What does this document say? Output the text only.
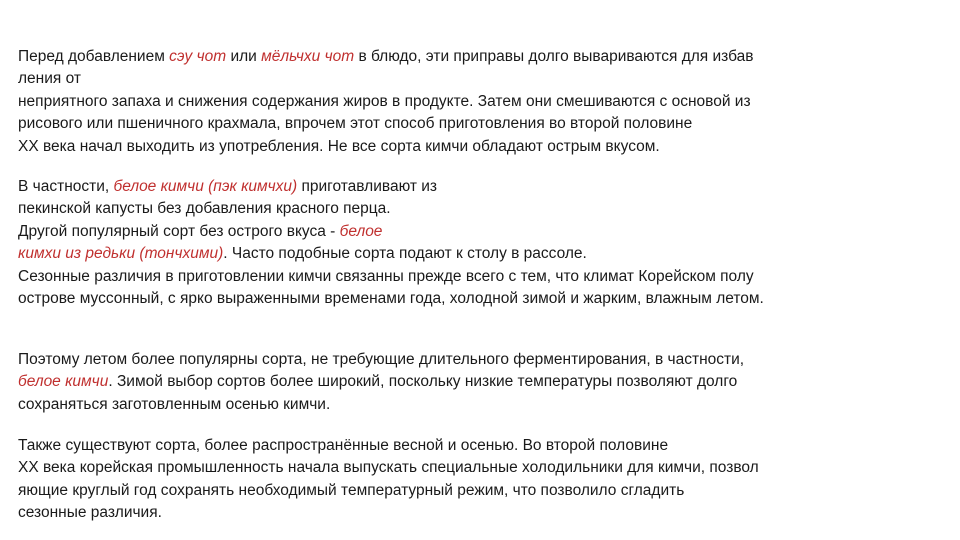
Перед добавлением сэу чот или мёльчхи чот в блюдо, эти приправы долго вывариваются для избав
ления от
неприятного запаха и снижения содержания жиров в продукте. Затем они смешиваются с основой из
рисового или пшеничного крахмала, впрочем этот способ приготовления во второй половине
XX века начал выходить из употребления. Не все сорта кимчи обладают острым вкусом.
В частности, белое кимчи (пэк кимчхи) приготавливают из
пекинской капусты без добавления красного перца.
Другой популярный сорт без острого вкуса - белое
кимхи из редьки (тончхими). Часто подобные сорта подают к столу в рассоле.
Сезонные различия в приготовлении кимчи связанны прежде всего с тем, что климат Корейском полу
острове муссонный, с ярко выраженными временами года, холодной зимой и жарким, влажным летом.
Поэтому летом более популярны сорта, не требующие длительного ферментирования, в частности,
белое кимчи. Зимой выбор сортов более широкий, поскольку низкие температуры позволяют долго
сохраняться заготовленным осенью кимчи.
Также существуют сорта, более распространённые весной и осенью. Во второй половине
XX века корейская промышленность начала выпускать специальные холодильники для кимчи, позвол
яющие круглый год сохранять необходимый температурный режим, что позволило сгладить
сезонные различия.
